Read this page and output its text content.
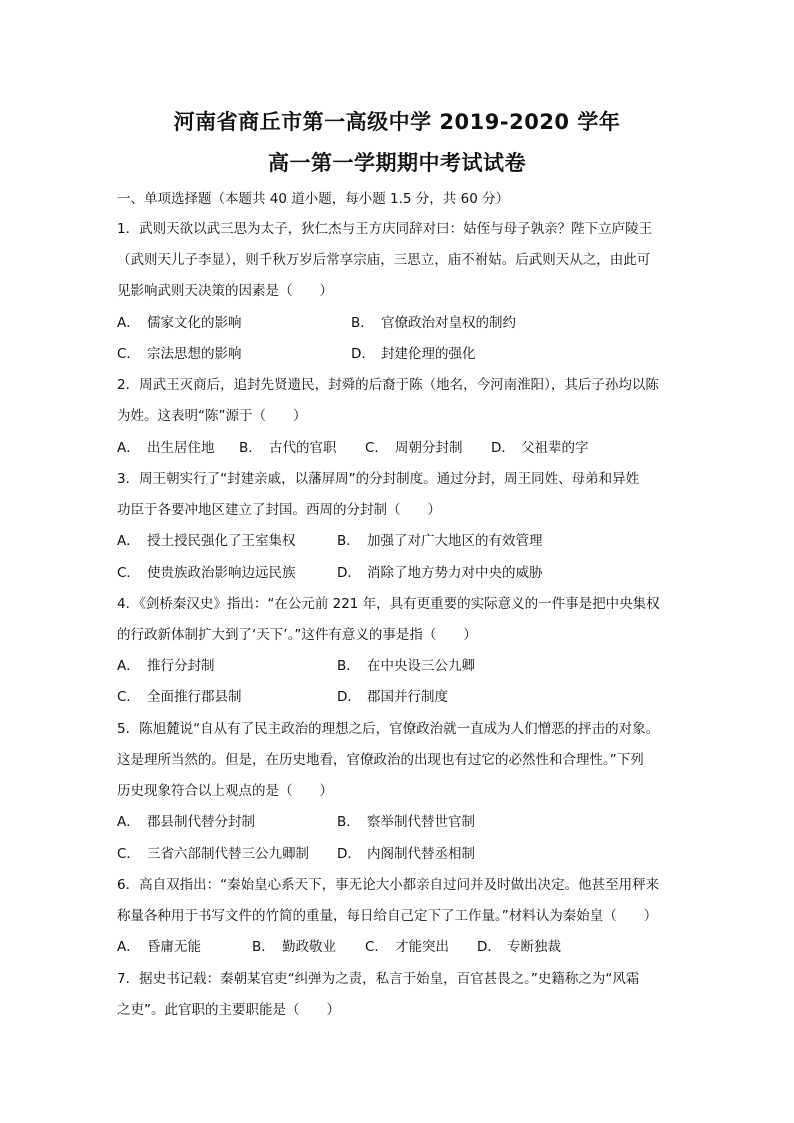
河南省商丘市第一高级中学 2019-2020 学年
高一第一学期期中考试试卷
一、单项选择题（本题共 40 道小题，每小题 1.5 分，共 60 分）
1．武则天欲以武三思为太子，狄仁杰与王方庆同辞对曰：姑侄与母子孰亲？陛下立庐陵王
（武则天儿子李显），则千秋万岁后常享宗庙，三思立，庙不祔姑。后武则天从之，由此可
见影响武则天决策的因素是（　　）
A． 儒家文化的影响	B． 官僚政治对皇权的制约
C． 宗法思想的影响	D． 封建伦理的强化
2．周武王灭商后，追封先贤遗民，封舜的后裔于陈（地名，今河南淮阳），其后子孙均以陈
为姓。这表明“陈”源于（　　）
A． 出生居住地 B． 古代的官职 C． 周朝分封制 D． 父祖辈的字
3．周王朝实行了“封建亲戚，以藩屏周”的分封制度。通过分封，周王同姓、母弟和异姓
功臣于各要冲地区建立了封国。西周的分封制（　　）
A． 授土授民强化了王室集权	B． 加强了对广大地区的有效管理
C． 使贵族政治影响边远民族	D． 消除了地方势力对中央的威胁
4．《剑桥秦汉史》指出：“在公元前 221 年，具有更重要的实际意义的一件事是把中央集权
的行政新体制扩大到了‘天下’。”这件有意义的事是指（　　）
A． 推行分封制	B． 在中央设三公九卿
C． 全面推行郡县制	D． 郡国并行制度
5．陈旭麓说“自从有了民主政治的理想之后，官僚政治就一直成为人们憎恶的抨击的对象。
这是理所当然的。但是，在历史地看，官僚政治的出现也有过它的必然性和合理性。”下列
历史现象符合以上观点的是（　　）
A． 郡县制代替分封制	B． 察举制代替世官制
C． 三省六部制代替三公九卿制 D． 内阁制代替丞相制
6．高自双指出：“秦始皇心系天下，事无论大小都亲自过问并及时做出决定。他甚至用秤来
称量各种用于书写文件的竹简的重量，每日给自己定下了工作量。”材料认为秦始皇（　　）
A． 昏庸无能	B． 勤政敬业 C． 才能突出 D． 专断独裁
7．据史书记载：秦朝某官吏“纠弹为之责，私言于始皇，百官甚畏之。”史籍称之为“风霜
之吏”。此官职的主要职能是（　　）
